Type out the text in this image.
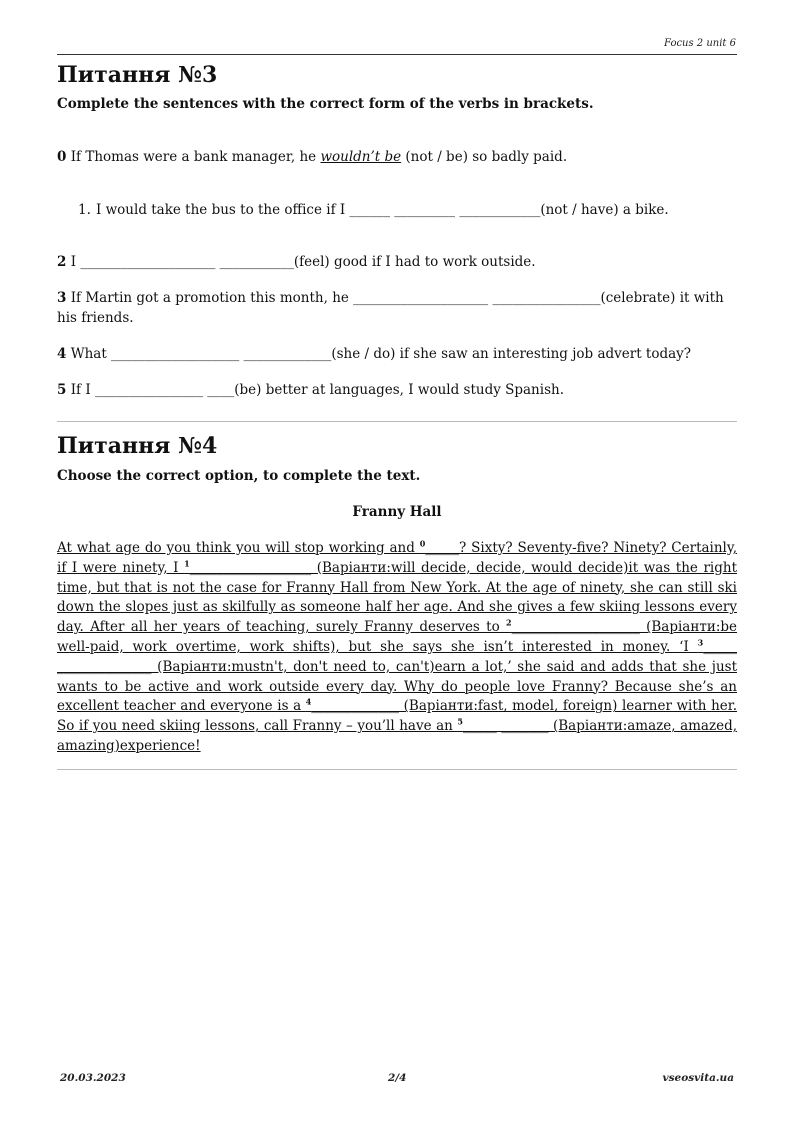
Focus 2 unit 6
Питання №3

Complete the sentences with the correct form of the verbs in brackets.

0 If Thomas were a bank manager, he wouldn’t be (not / be) so badly paid.

1. I would take the bus to the office if I ______ _________ ____________(not / have) a bike.

2 I ____________________ ___________(feel) good if I had to work outside.

3 If Martin got a promotion this month, he ____________________ ________________(celebrate) it with his friends.

4 What ___________________ _____________(she / do) if she saw an interesting job advert today?

5 If I ________________ ____(be) better at languages, I would study Spanish.

Питання №4

Choose the correct option, to complete the text.

Franny Hall
At what age do you think you will stop working and $^0$_____? Sixty? Seventy-five? Ninety? Certainly, if I were ninety, I $^1$__________________ (Варіанти:will decide, decide, would decide)it was the right time, but that is not the case for Franny Hall from New York. At the age of ninety, she can still ski down the slopes just as skilfully as someone half her age. And she gives a few skiing lessons every day. After all her years of teaching, surely Franny deserves to $^2$___________________ (Варіанти:be well-paid, work overtime, work shifts), but she says she isn’t interested in money. ‘I $^3$_____ ______________ (Варіанти:mustn't, don't need to, can't)earn a lot,’ she said and adds that she just wants to be active and work outside every day. Why do people love Franny? Because she’s an excellent teacher and everyone is a $^4$_____________ (Варіанти:fast, model, foreign) learner with her. So if you need skiing lessons, call Franny – you’ll have an $^5$_____ _______ (Варіанти:amaze, amazed, amazing)experience!
20.03.2023	2/4	vseosvita.ua
